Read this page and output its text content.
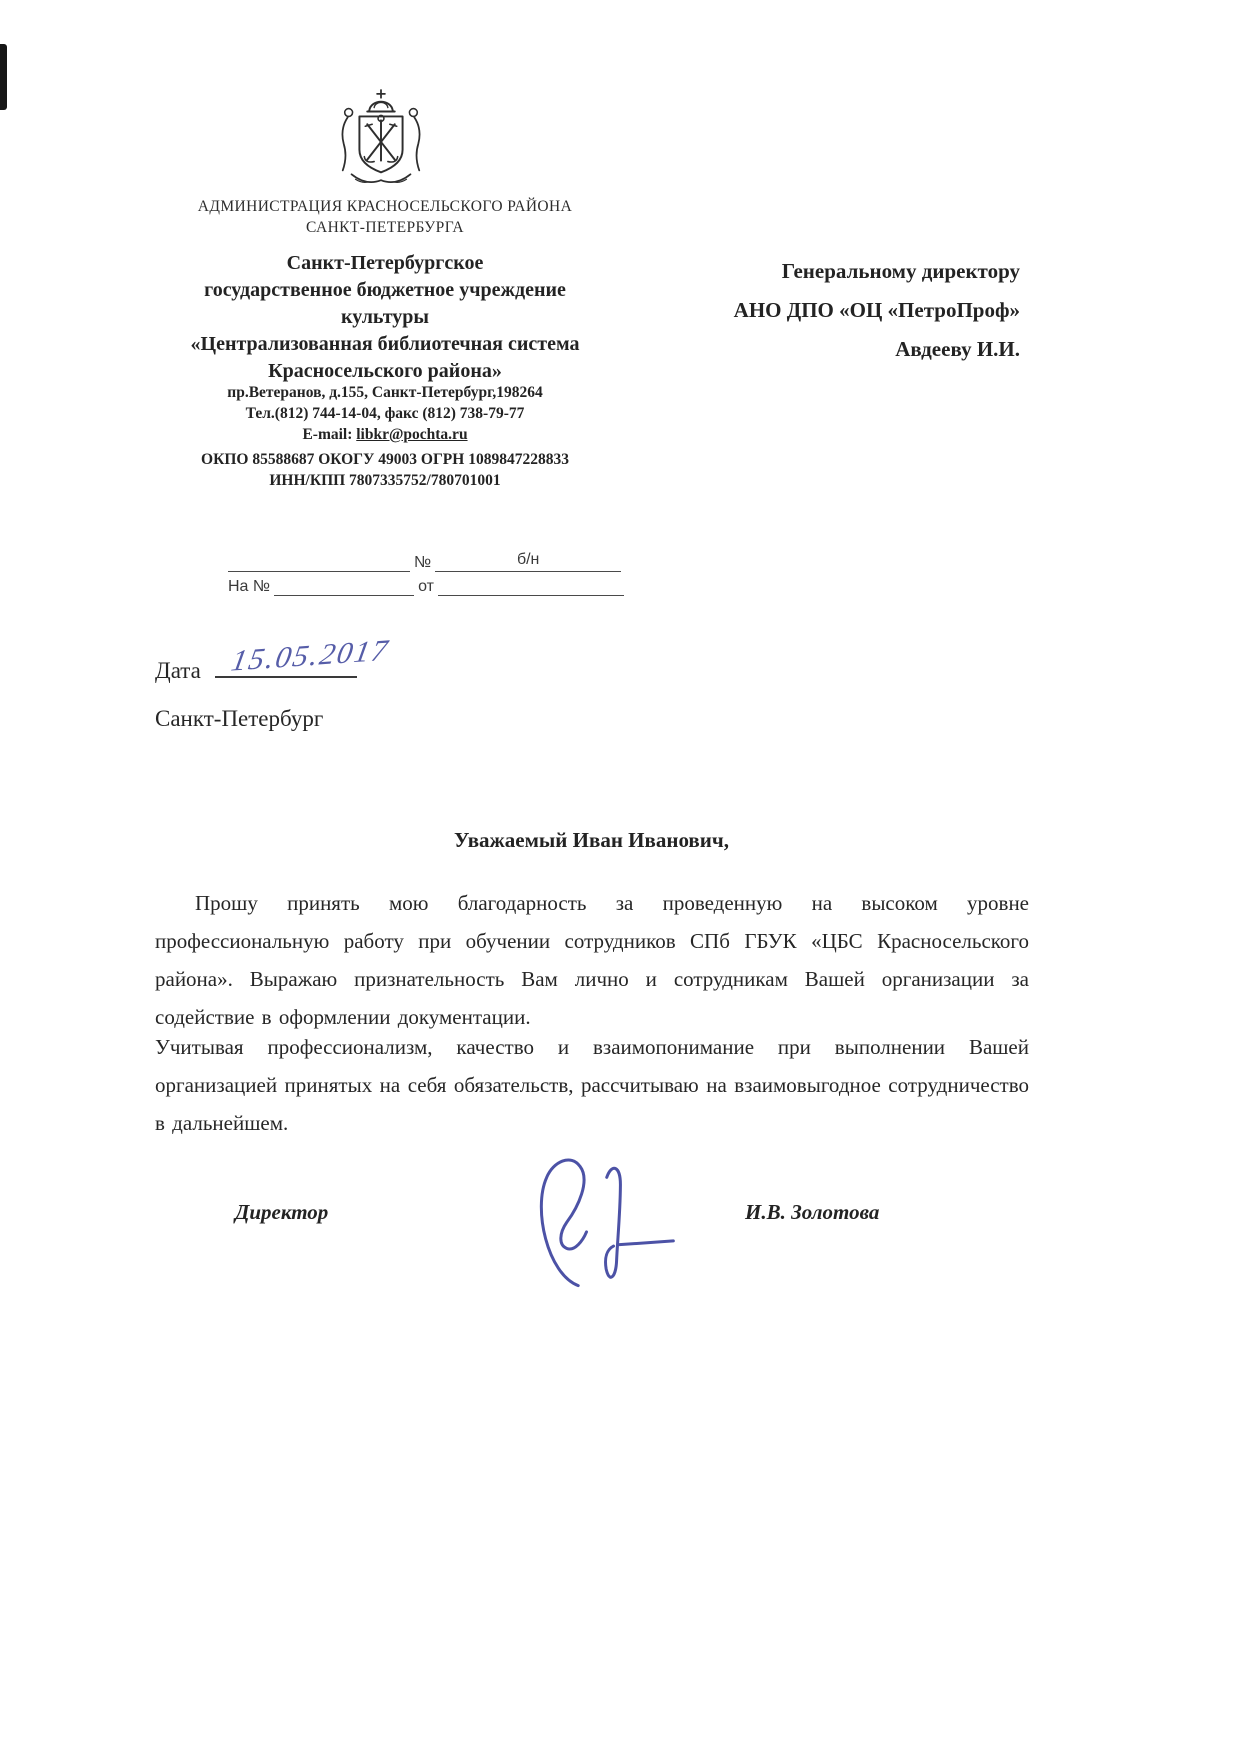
АДМИНИСТРАЦИЯ КРАСНОСЕЛЬСКОГО РАЙОНА
САНКТ-ПЕТЕРБУРГА
Санкт-Петербургское
государственное бюджетное учреждение
культуры
«Централизованная библиотечная система
Красносельского района»
Генеральному директору
АНО ДПО «ОЦ «ПетроПроф»
Авдееву И.И.
пр.Ветеранов, д.155, Санкт-Петербург,198264
Тел.(812) 744-14-04, факс (812) 738-79-77
E-mail: libkr@pochta.ru
ОКПО 85588687 ОКОГУ 49003 ОГРН 1089847228833
ИНН/КПП 7807335752/780701001
№	б/н
На №	от
Дата 15.05.2017
Санкт-Петербург
Уважаемый Иван Иванович,
Прошу принять мою благодарность за проведенную на высоком уровне профессиональную работу при обучении сотрудников СПб ГБУК «ЦБС Красносельского района». Выражаю признательность Вам лично и сотрудникам Вашей организации за содействие в оформлении документации.
Учитывая профессионализм, качество и взаимопонимание при выполнении Вашей организацией принятых на себя обязательств, рассчитываю на взаимовыгодное сотрудничество в дальнейшем.
Директор	И.В. Золотова
